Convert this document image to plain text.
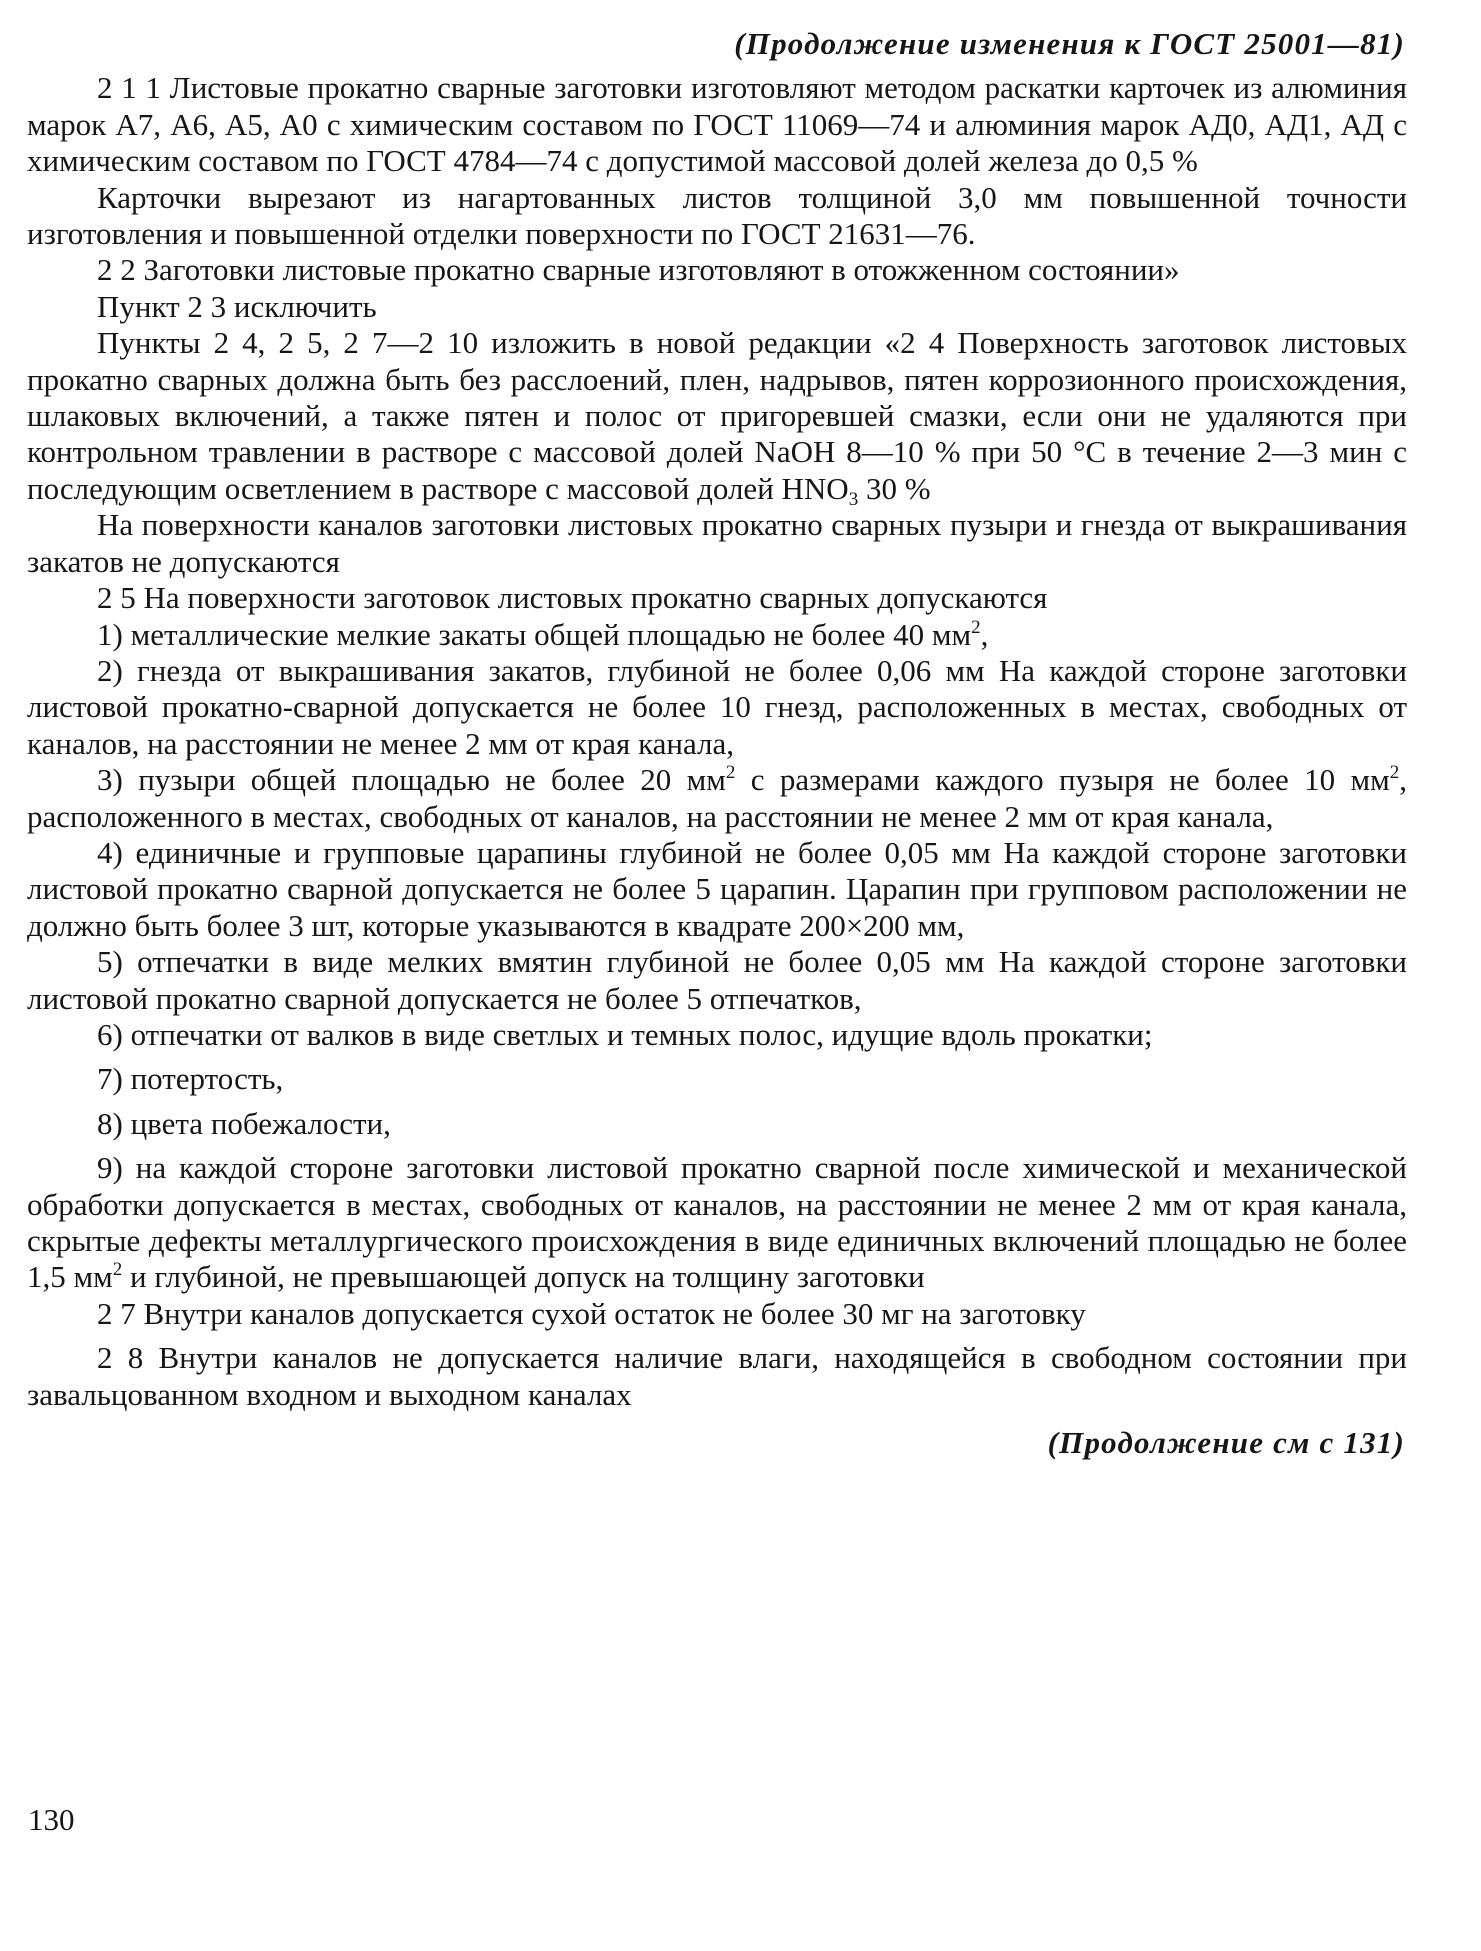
(Продолжение изменения к ГОСТ 25001—81)

2 1 1 Листовые прокатно сварные заготовки изготовляют методом раскатки карточек из алюминия марок А7, А6, А5, А0 с химическим составом по ГОСТ 11069—74 и алюминия марок АД0, АД1, АД с химическим составом по ГОСТ 4784—74 с допустимой массовой долей железа до 0,5 %

Карточки вырезают из нагартованных листов толщиной 3,0 мм повышенной точности изготовления и повышенной отделки поверхности по ГОСТ 21631—76.

2 2 Заготовки листовые прокатно сварные изготовляют в отожженном состоянии»

Пункт 2 3 исключить

Пункты 2 4, 2 5, 2 7—2 10 изложить в новой редакции «2 4 Поверхность заготовок листовых прокатно сварных должна быть без расслоений, плен, надрывов, пятен коррозионного происхождения, шлаковых включений, а также пятен и полос от пригоревшей смазки, если они не удаляются при контрольном травлении в растворе с массовой долей NaOH 8—10 % при 50 °С в течение 2—3 мин с последующим осветлением в растворе с массовой долей $HNO_3$ 30 %

На поверхности каналов заготовки листовых прокатно сварных пузыри и гнезда от выкрашивания закатов не допускаются

2 5 На поверхности заготовок листовых прокатно сварных допускаются

1) металлические мелкие закаты общей площадью не более 40 $мм^2$,

2) гнезда от выкрашивания закатов, глубиной не более 0,06 мм На каждой стороне заготовки листовой прокатно-сварной допускается не более 10 гнезд, расположенных в местах, свободных от каналов, на расстоянии не менее 2 мм от края канала,

3) пузыри общей площадью не более 20 $мм^2$ с размерами каждого пузыря не более 10 $мм^2$, расположенного в местах, свободных от каналов, на расстоянии не менее 2 мм от края канала,

4) единичные и групповые царапины глубиной не более 0,05 мм На каждой стороне заготовки листовой прокатно сварной допускается не более 5 царапин. Царапин при групповом расположении не должно быть более 3 шт, которые указываются в квадрате 200×200 мм,

5) отпечатки в виде мелких вмятин глубиной не более 0,05 мм На каждой стороне заготовки листовой прокатно сварной допускается не более 5 отпечатков,

6) отпечатки от валков в виде светлых и темных полос, идущие вдоль прокатки;

7) потертость,

8) цвета побежалости,

9) на каждой стороне заготовки листовой прокатно сварной после химической и механической обработки допускается в местах, свободных от каналов, на расстоянии не менее 2 мм от края канала, скрытые дефекты металлургического происхождения в виде единичных включений площадью не более 1,5 $мм^2$ и глубиной, не превышающей допуск на толщину заготовки

2 7 Внутри каналов допускается сухой остаток не более 30 мг на заготовку

2 8 Внутри каналов не допускается наличие влаги, находящейся в свободном состоянии при завальцованном входном и выходном каналах

(Продолжение см с 131)
130
